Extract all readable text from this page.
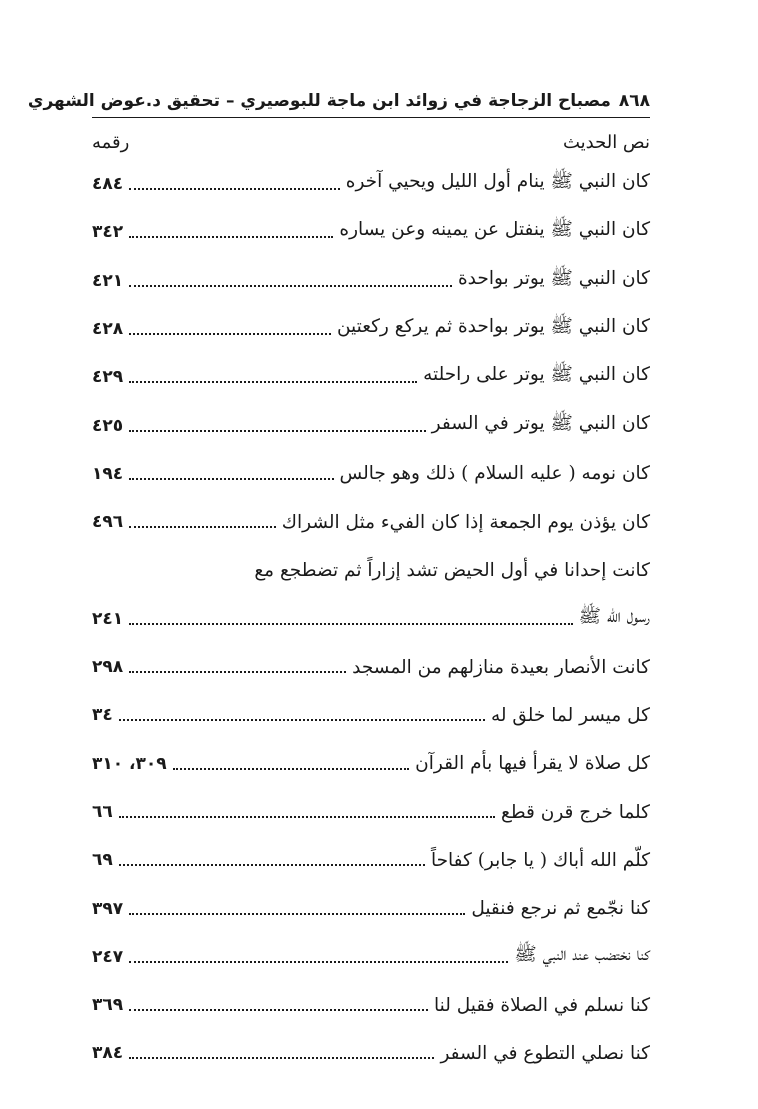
٨٦٨
مصباح الزجاجة في زوائد ابن ماجة للبوصيري – تحقيق د.عوض الشهري
نص الحديث
رقمه
كان النبي ﷺ ينام أول الليل ويحيي آخره
٤٨٤
كان النبي ﷺ ينفتل عن يمينه وعن يساره
٣٤٢
كان النبي ﷺ يوتر بواحدة
٤٢١
كان النبي ﷺ يوتر بواحدة ثم يركع ركعتين
٤٢٨
كان النبي ﷺ يوتر على راحلته
٤٢٩
كان النبي ﷺ يوتر في السفر
٤٢٥
كان نومه ( عليه السلام ) ذلك وهو جالس
١٩٤
كان يؤذن يوم الجمعة إذا كان الفيء مثل الشراك
٤٩٦
كانت إحدانا في أول الحيض تشد إزاراً ثم تضطجع مع
رسول الله ﷺ
٢٤١
كانت الأنصار بعيدة منازلهم من المسجد
٢٩٨
كل ميسر لما خلق له
٣٤
كل صلاة لا يقرأ فيها بأم القرآن
٣٠٩، ٣١٠
كلما خرج قرن قطع
٦٦
كلّم الله أباك ( يا جابر) كفاحاً
٦٩
كنا نجّمع ثم نرجع فنقيل
٣٩٧
كنا نختضب عند النبي ﷺ
٢٤٧
كنا نسلم في الصلاة فقيل لنا
٣٦٩
كنا نصلي التطوع في السفر
٣٨٤
